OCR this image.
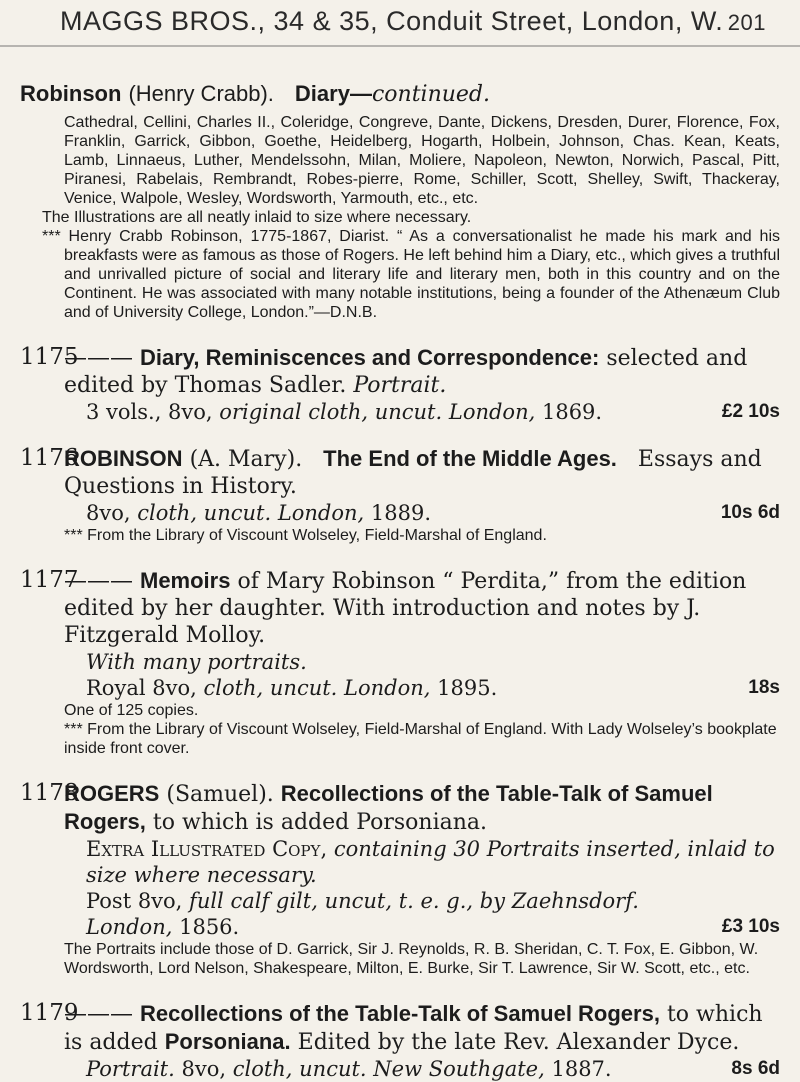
MAGGS BROS., 34 & 35, Conduit Street, London, W. 201
Robinson (Henry Crabb). Diary—continued.

Cathedral, Cellini, Charles II., Coleridge, Congreve, Dante, Dickens, Dresden, Durer, Florence, Fox, Franklin, Garrick, Gibbon, Goethe, Heidelberg, Hogarth, Holbein, Johnson, Chas. Kean, Keats, Lamb, Linnaeus, Luther, Mendelssohn, Milan, Moliere, Napoleon, Newton, Norwich, Pascal, Pitt, Piranesi, Rabelais, Rembrandt, Robes-pierre, Rome, Schiller, Scott, Shelley, Swift, Thackeray, Venice, Walpole, Wesley, Wordsworth, Yarmouth, etc., etc.

The Illustrations are all neatly inlaid to size where necessary.

*** Henry Crabb Robinson, 1775-1867, Diarist. “ As a conversationalist he made his mark and his breakfasts were as famous as those of Rogers. He left behind him a Diary, etc., which gives a truthful and unrivalled picture of social and literary life and literary men, both in this country and on the Continent. He was associated with many notable institutions, being a founder of the Athenæum Club and of University College, London.”—D.N.B.

1175
——— Diary, Reminiscences and Correspondence: selected and edited by Thomas Sadler. Portrait.
3 vols., 8vo, original cloth, uncut. London, 1869.	£2 10s
1176
ROBINSON (A. Mary). The End of the Middle Ages. Essays and Questions in History.
8vo, cloth, uncut. London, 1889.	10s 6d
*** From the Library of Viscount Wolseley, Field-Marshal of England.
1177
——— Memoirs of Mary Robinson “ Perdita,” from the edition edited by her daughter. With introduction and notes by J. Fitzgerald Molloy.
With many portraits.
Royal 8vo, cloth, uncut. London, 1895.	18s
One of 125 copies.
*** From the Library of Viscount Wolseley, Field-Marshal of England. With Lady Wolseley’s bookplate inside front cover.
1178
ROGERS (Samuel). Recollections of the Table-Talk of Samuel Rogers, to which is added Porsoniana.
Extra Illustrated Copy, containing 30 Portraits inserted, inlaid to size where necessary.
Post 8vo, full calf gilt, uncut, t. e. g., by Zaehnsdorf.
London, 1856.	£3 10s
The Portraits include those of D. Garrick, Sir J. Reynolds, R. B. Sheridan, C. T. Fox, E. Gibbon, W. Wordsworth, Lord Nelson, Shakespeare, Milton, E. Burke, Sir T. Lawrence, Sir W. Scott, etc., etc.
1179
——— Recollections of the Table-Talk of Samuel Rogers, to which is added Porsoniana. Edited by the late Rev. Alexander Dyce.
Portrait. 8vo, cloth, uncut. New Southgate, 1887.	8s 6d
